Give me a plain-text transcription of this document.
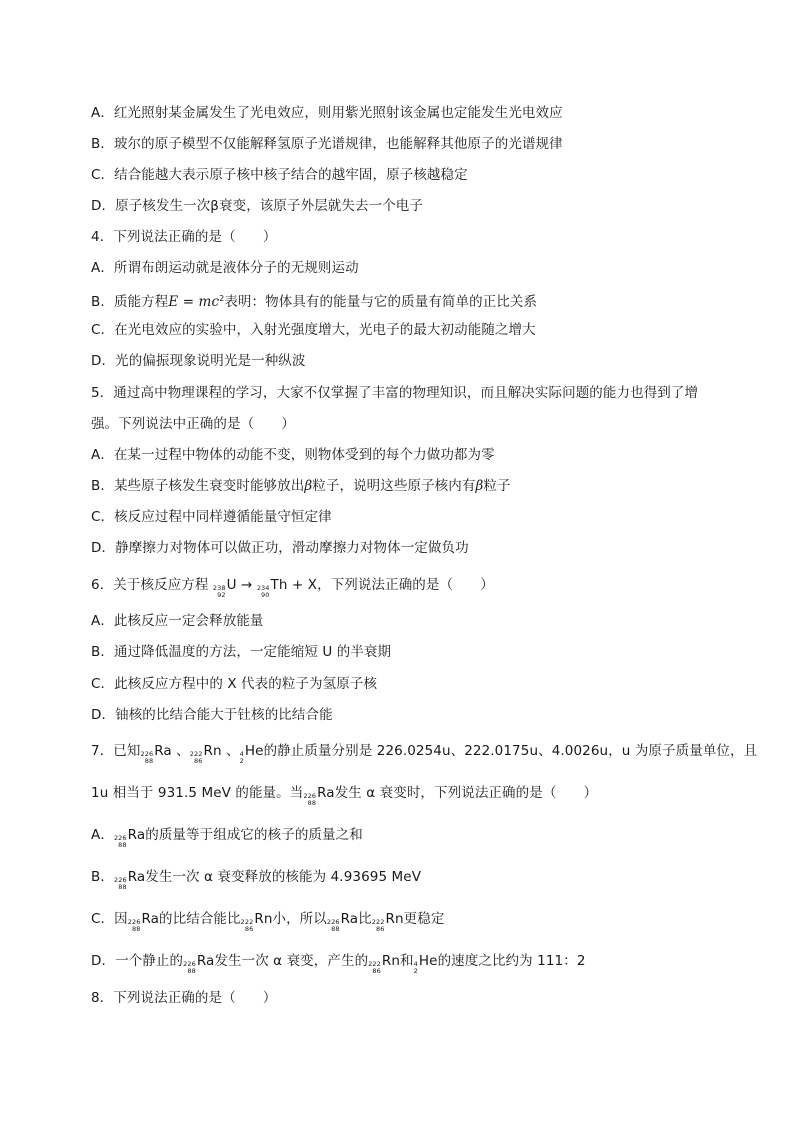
A．红光照射某金属发生了光电效应，则用紫光照射该金属也定能发生光电效应
B．玻尔的原子模型不仅能解释氢原子光谱规律，也能解释其他原子的光谱规律
C．结合能越大表示原子核中核子结合的越牢固，原子核越稳定
D．原子核发生一次β衰变，该原子外层就失去一个电子
4．下列说法正确的是（　　）
A．所谓布朗运动就是液体分子的无规则运动
B．质能方程$E = mc^2$表明：物体具有的能量与它的质量有简单的正比关系
C．在光电效应的实验中，入射光强度增大，光电子的最大初动能随之增大
D．光的偏振现象说明光是一种纵波
5．通过高中物理课程的学习，大家不仅掌握了丰富的物理知识，而且解决实际问题的能力也得到了增
强。下列说法中正确的是（　　）
A．在某一过程中物体的动能不变，则物体受到的每个力做功都为零
B．某些原子核发生衰变时能够放出β粒子，说明这些原子核内有β粒子
C．核反应过程中同样遵循能量守恒定律
D．静摩擦力对物体可以做正功，滑动摩擦力对物体一定做负功
6．关于核反应方程 238
92
U → 234
90
Th + X，下列说法正确的是（　　）
A．此核反应一定会释放能量
B．通过降低温度的方法，一定能缩短 U 的半衰期
C．此核反应方程中的 X 代表的粒子为氢原子核
D．铀核的比结合能大于钍核的比结合能
7．已知 226
88
Ra 、 222
86
Rn 、 4
2
He的静止质量分别是 226.0254u、222.0175u、4.0026u，u 为原子质量单位，且
1u 相当于 931.5 MeV 的能量。当 226
88
Ra发生 α 衰变时，下列说法正确的是（　　）
A． 226
88
Ra的质量等于组成它的核子的质量之和
B． 226
88
Ra发生一次 α 衰变释放的核能为 4.93695 MeV
C．因 226
88
Ra的比结合能比 222
86
Rn小，所以 226
88
Ra比 222
86
Rn更稳定
D．一个静止的 226
88
Ra发生一次 α 衰变，产生的 222
86
Rn和 4
2
He的速度之比约为 111：2
8．下列说法正确的是（　　）
